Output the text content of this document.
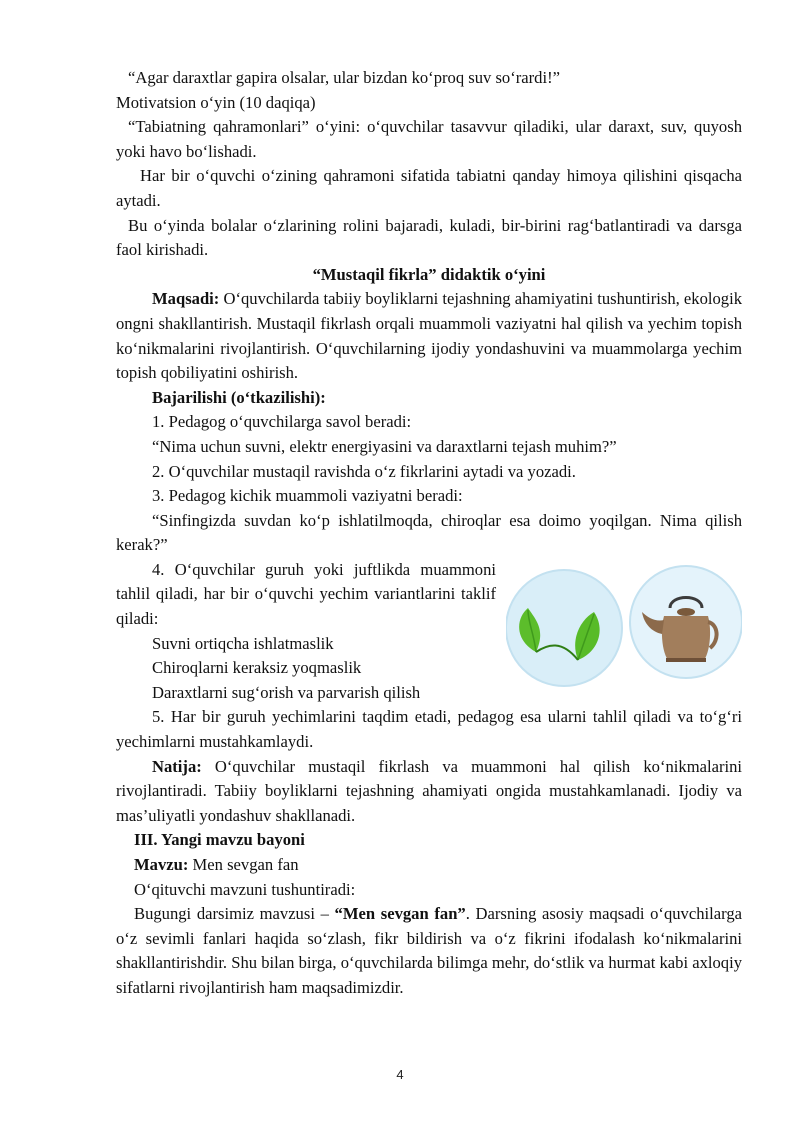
“Agar daraxtlar gapira olsalar, ular bizdan ko‘proq suv so‘rardi!”

Motivatsion o‘yin (10 daqiqa)

“Tabiatning qahramonlari” o‘yini: o‘quvchilar tasavvur qiladiki, ular daraxt, suv, quyosh yoki havo bo‘lishadi.

Har bir o‘quvchi o‘zining qahramoni sifatida tabiatni qanday himoya qilishini qisqacha aytadi.

Bu o‘yinda bolalar o‘zlarining rolini bajaradi, kuladi, bir-birini rag‘batlantiradi va darsga faol kirishadi.

“Mustaqil fikrla” didaktik o‘yini

Maqsadi: O‘quvchilarda tabiiy boyliklarni tejashning ahamiyatini tushuntirish, ekologik ongni shakllantirish. Mustaqil fikrlash orqali muammoli vaziyatni hal qilish va yechim topish ko‘nikmalarini rivojlantirish. O‘quvchilarning ijodiy yondashuvini va muammolarga yechim topish qobiliyatini oshirish.

Bajarilishi (o‘tkazilishi):

1. Pedagog o‘quvchilarga savol beradi:

“Nima uchun suvni, elektr energiyasini va daraxtlarni tejash muhim?”

2. O‘quvchilar mustaqil ravishda o‘z fikrlarini aytadi va yozadi.

3. Pedagog kichik muammoli vaziyatni beradi:

“Sinfingizda suvdan ko‘p ishlatilmoqda, chiroqlar esa doimo yoqilgan. Nima qilish kerak?”

4. O‘quvchilar guruh yoki juftlikda muammoni tahlil qiladi, har bir o‘quvchi yechim variantlarini taklif qiladi:

Suvni ortiqcha ishlatmaslik

Chiroqlarni keraksiz yoqmaslik

Daraxtlarni sug‘orish va parvarish qilish

5. Har bir guruh yechimlarini taqdim etadi, pedagog esa ularni tahlil qiladi va to‘g‘ri yechimlarni mustahkamlaydi.

Natija: O‘quvchilar mustaqil fikrlash va muammoni hal qilish ko‘nikmalarini rivojlantiradi. Tabiiy boyliklarni tejashning ahamiyati ongida mustahkamlanadi. Ijodiy va mas’uliyatli yondashuv shakllanadi.

III. Yangi mavzu bayoni

Mavzu: Men sevgan fan

O‘qituvchi mavzuni tushuntiradi:

Bugungi darsimiz mavzusi – “Men sevgan fan”. Darsning asosiy maqsadi o‘quvchilarga o‘z sevimli fanlari haqida so‘zlash, fikr bildirish va o‘z fikrini ifodalash ko‘nikmalarini shakllantirishdir. Shu bilan birga, o‘quvchilarda bilimga mehr, do‘stlik va hurmat kabi axloqiy sifatlarni rivojlantirish ham maqsadimizdir.

4
